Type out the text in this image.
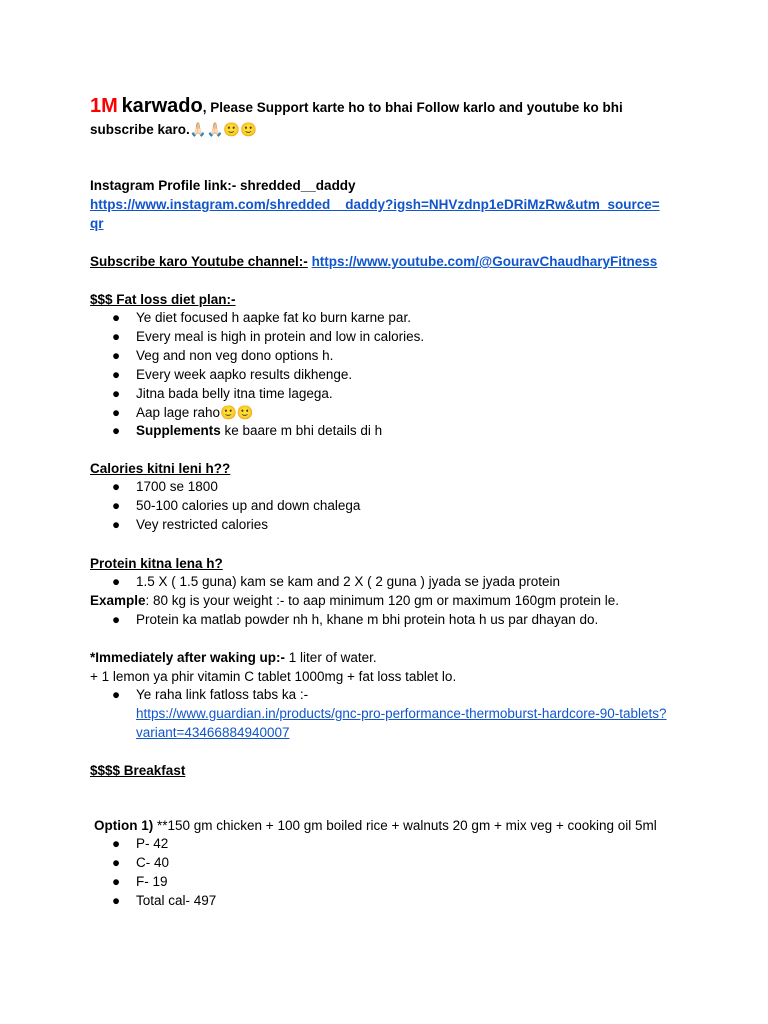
1M karwado, Please Support karte ho to bhai Follow karlo and youtube ko bhi
subscribe karo.🙏🏻🙏🏻🙂🙂
Instagram Profile link:- shredded__daddy
https://www.instagram.com/shredded__daddy?igsh=NHVzdnp1eDRiMzRw&utm_source=
qr
Subscribe karo Youtube channel:- https://www.youtube.com/@GouravChaudharyFitness
$$$ Fat loss diet plan:-
● Ye diet focused h aapke fat ko burn karne par.
● Every meal is high in protein and low in calories.
● Veg and non veg dono options h.
● Every week aapko results dikhenge.
● Jitna bada belly itna time lagega.
● Aap lage raho🙂🙂
● Supplements ke baare m bhi details di h
Calories kitni leni h??
● 1700 se 1800
● 50-100 calories up and down chalega
● Vey restricted calories
Protein kitna lena h?
● 1.5 X ( 1.5 guna) kam se kam and 2 X ( 2 guna ) jyada se jyada protein
Example: 80 kg is your weight :- to aap minimum 120 gm or maximum 160gm protein le.
● Protein ka matlab powder nh h, khane m bhi protein hota h us par dhayan do.
*Immediately after waking up:- 1 liter of water.
+ 1 lemon ya phir vitamin C tablet 1000mg + fat loss tablet lo.
● Ye raha link fatloss tabs ka :-
https://www.guardian.in/products/gnc-pro-performance-thermoburst-hardcore-90-tablets?
variant=43466884940007
$$$$ Breakfast
Option 1) **150 gm chicken + 100 gm boiled rice + walnuts 20 gm + mix veg + cooking oil 5ml
● P- 42
● C- 40
● F- 19
● Total cal- 497
